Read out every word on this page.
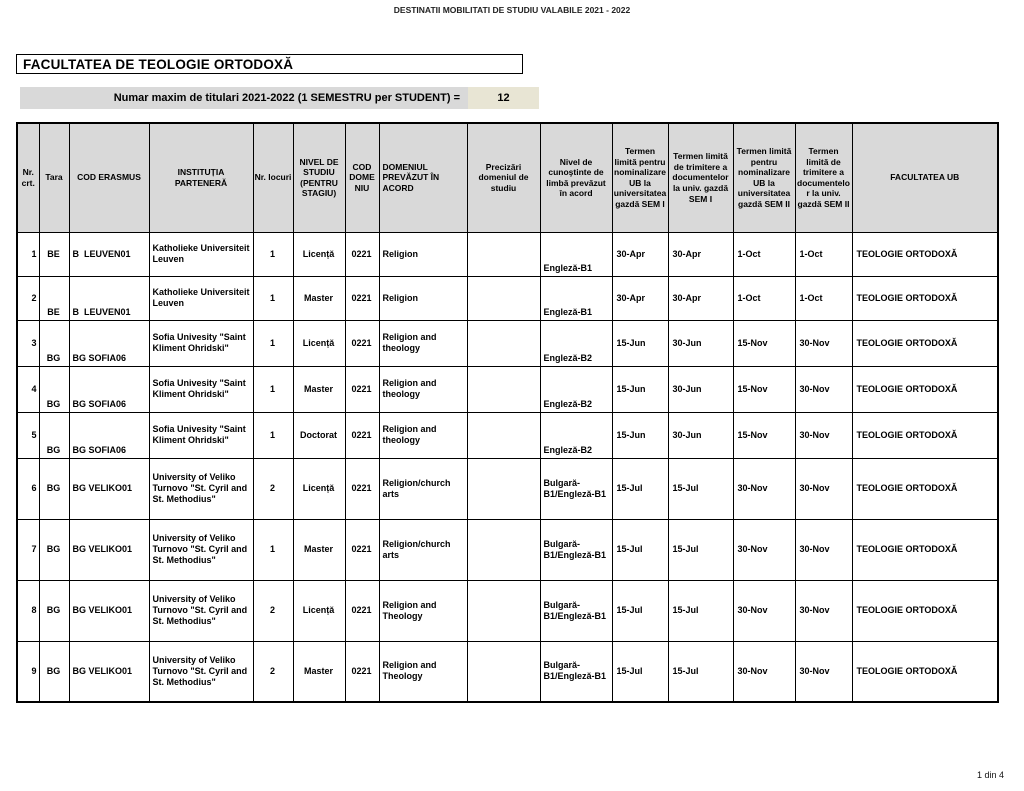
DESTINATII MOBILITATI DE STUDIU VALABILE 2021 - 2022
FACULTATEA DE TEOLOGIE ORTODOXĂ
Numar maxim de titulari 2021-2022 (1 SEMESTRU per STUDENT) =	12
Nr. crt.	Tara	COD ERASMUS	INSTITUȚIA PARTENERĂ	Nr. locuri	NIVEL DE STUDIU (PENTRU STAGIU)	COD DOMENIU	DOMENIUL PREVĂZUT ÎN ACORD	Precizări domeniul de studiu	Nivel de cunoştinte de limbă prevăzut în acord	Termen limită pentru nominalizare UB la universitatea gazdă SEM I	Termen limită de trimitere a documentelor la univ. gazdă SEM I	Termen limită pentru nominalizare UB la universitatea gazdă SEM II	Termen limită de trimitere a documentelor la univ. gazdă SEM II	FACULTATEA UB
1	BE	B  LEUVEN01	Katholieke Universiteit Leuven	1	Licență	0221	Religion		Engleză-B1	30-Apr	30-Apr	1-Oct	1-Oct	TEOLOGIE ORTODOXĂ
2	BE	B  LEUVEN01	Katholieke Universiteit Leuven	1	Master	0221	Religion		Engleză-B1	30-Apr	30-Apr	1-Oct	1-Oct	TEOLOGIE ORTODOXĂ
3	BG	BG SOFIA06	Sofia Univesity "Saint Kliment Ohridski"	1	Licență	0221	Religion and theology		Engleză-B2	15-Jun	30-Jun	15-Nov	30-Nov	TEOLOGIE ORTODOXĂ
4	BG	BG SOFIA06	Sofia Univesity "Saint Kliment Ohridski"	1	Master	0221	Religion and theology		Engleză-B2	15-Jun	30-Jun	15-Nov	30-Nov	TEOLOGIE ORTODOXĂ
5	BG	BG SOFIA06	Sofia Univesity "Saint Kliment Ohridski"	1	Doctorat	0221	Religion and theology		Engleză-B2	15-Jun	30-Jun	15-Nov	30-Nov	TEOLOGIE ORTODOXĂ
6	BG	BG VELIKO01	University of Veliko Turnovo "St. Cyril and St. Methodius"	2	Licență	0221	Religion/church arts		Bulgară-B1/Engleză-B1	15-Jul	15-Jul	30-Nov	30-Nov	TEOLOGIE ORTODOXĂ
7	BG	BG VELIKO01	University of Veliko Turnovo "St. Cyril and St. Methodius"	1	Master	0221	Religion/church arts		Bulgară-B1/Engleză-B1	15-Jul	15-Jul	30-Nov	30-Nov	TEOLOGIE ORTODOXĂ
8	BG	BG VELIKO01	University of Veliko Turnovo "St. Cyril and St. Methodius"	2	Licență	0221	Religion and Theology		Bulgară-B1/Engleză-B1	15-Jul	15-Jul	30-Nov	30-Nov	TEOLOGIE ORTODOXĂ
9	BG	BG VELIKO01	University of Veliko Turnovo "St. Cyril and St. Methodius"	2	Master	0221	Religion and Theology		Bulgară-B1/Engleză-B1	15-Jul	15-Jul	30-Nov	30-Nov	TEOLOGIE ORTODOXĂ
1 din 4
